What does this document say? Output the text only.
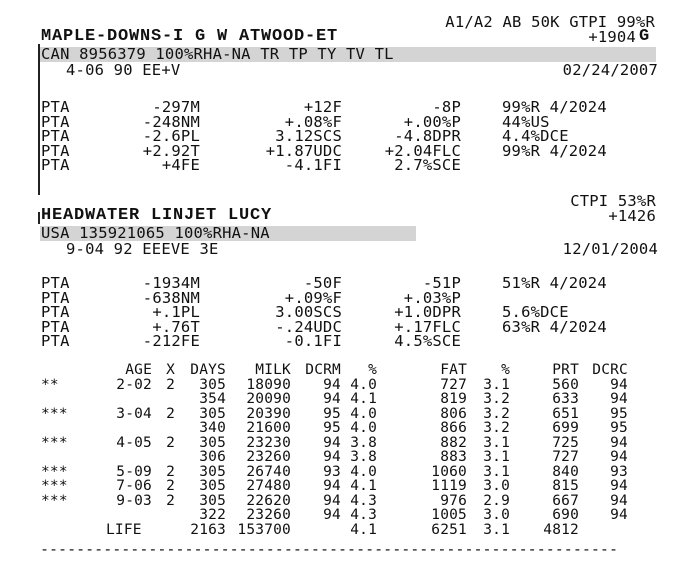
A1/A2 AB 50K GTPI 99%R
MAPLE-DOWNS-I G W ATWOOD-ET	+1904 G
CAN 8956379 100%RHA-NA TR TP TY TV TL
4-06 90 EE+V	02/24/2007
PTA	-297M	+12F	-8P	99%R 4/2024
PTA	-248NM	+.08%F	+.00%P	44%US
PTA	-2.6PL	3.12SCS	-4.8DPR	4.4%DCE
PTA	+2.92T	+1.87UDC	+2.04FLC	99%R 4/2024
PTA	+4FE	-4.1FI	2.7%SCE
CTPI 53%R
HEADWATER LINJET LUCY	+1426
USA 135921065 100%RHA-NA
9-04 92 EEEVE 3E	12/01/2004
PTA	-1934M	-50F	-51P	51%R 4/2024
PTA	-638NM	+.09%F	+.03%P
PTA	+.1PL	3.00SCS	+1.0DPR	5.6%DCE
PTA	+.76T	-.24UDC	+.17FLC	63%R 4/2024
PTA	-212FE	-0.1FI	4.5%SCE
AGE X	DAYS	MILK DCRM	%	FAT	%	PRT DCRC
**	2-02 2	305	18090	94 4.0	727	3.1	560	94
354	20090	94 4.1	819	3.2	633	94
***	3-04 2	305	20390	95 4.0	806	3.2	651	95
340	21600	95 4.0	866	3.2	699	95
***	4-05 2	305	23230	94 3.8	882	3.1	725	94
306	23260	94 3.8	883	3.1	727	94
***	5-09 2	305	26740	93 4.0	1060	3.1	840	93
***	7-06 2	305	27480	94 4.1	1119	3.0	815	94
***	9-03 2	305	22620	94 4.3	976	2.9	667	94
322	23260	94 4.3	1005	3.0	690	94
LIFE	2163 153700	4.1	6251	3.1	4812
----------------------------------------------------------------
